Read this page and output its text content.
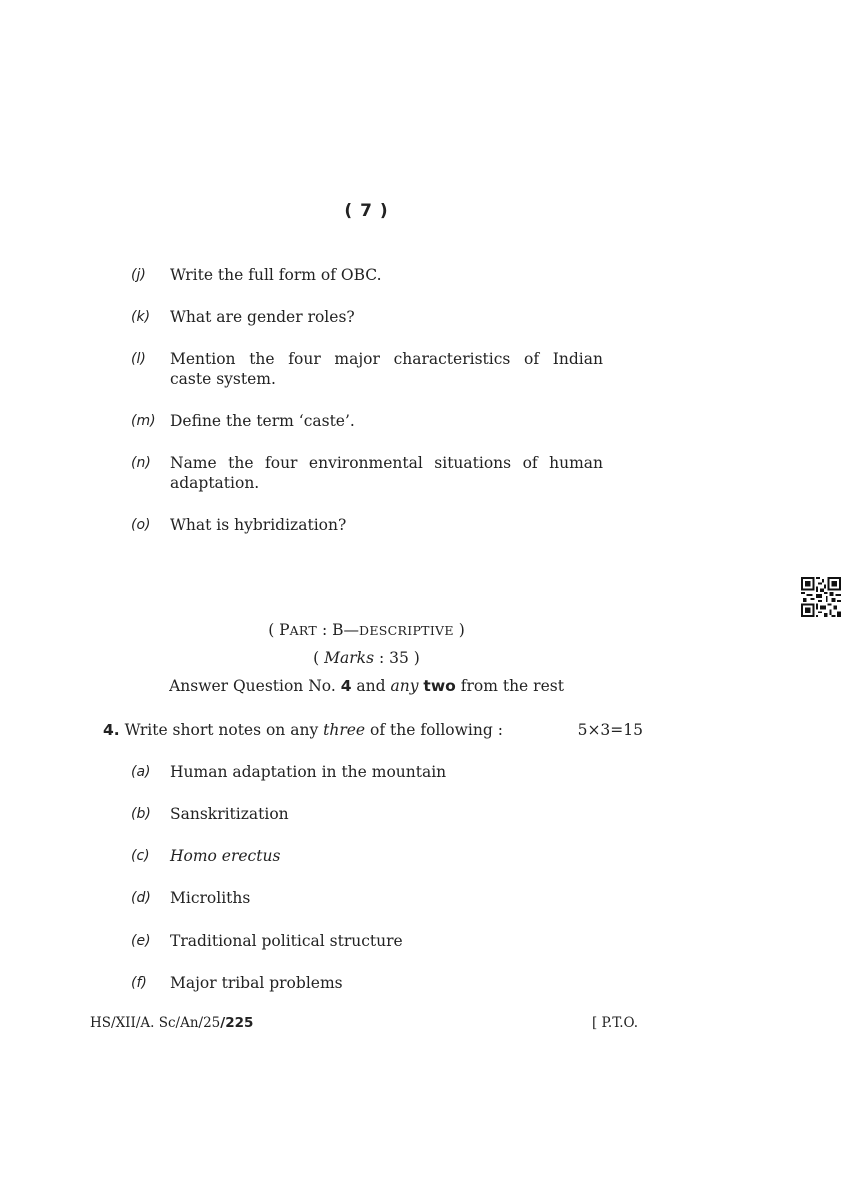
( 7 )
(j) Write the full form of OBC.
(k) What are gender roles?
(l) Mention the four major characteristics of Indian
caste system.
(m) Define the term ‘caste’.
(n) Name the four environmental situations of human
adaptation.
(o) What is hybridization?
( PART : B—DESCRIPTIVE )
( Marks : 35 )
Answer Question No. 4 and any two from the rest
4. Write short notes on any three of the following :	5×3=15
(a) Human adaptation in the mountain
(b) Sanskritization
(c) Homo erectus
(d) Microliths
(e) Traditional political structure
(f) Major tribal problems
HS/XII/A. Sc/An/25/225	[ P.T.O.
